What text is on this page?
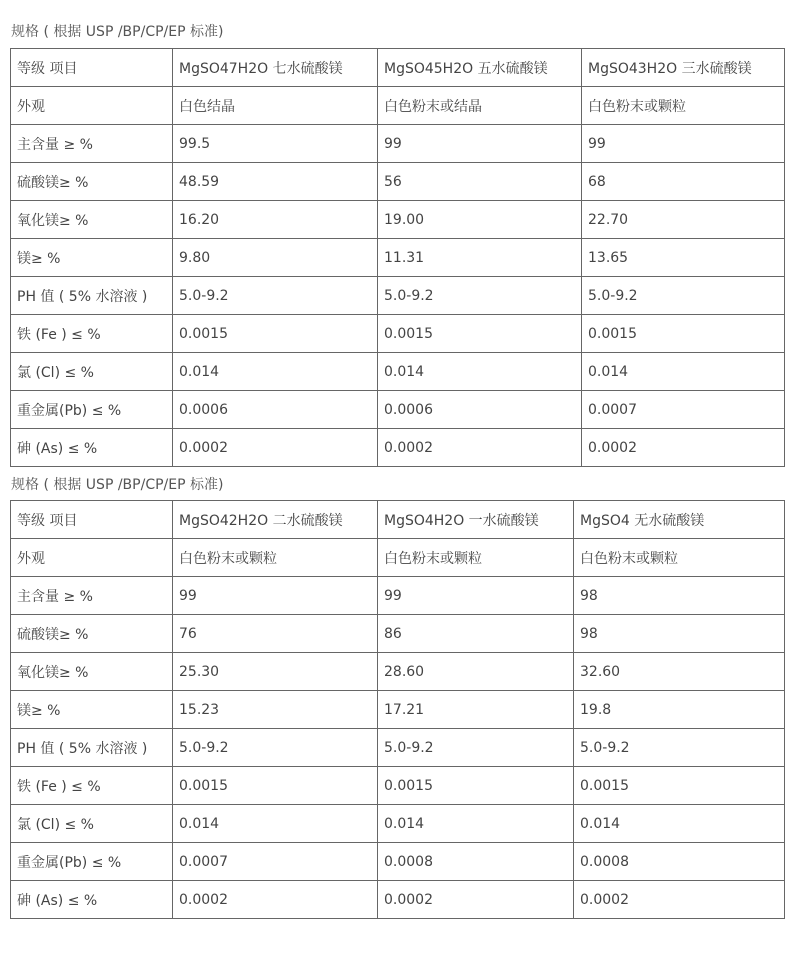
规格 ( 根据 USP /BP/CP/EP 标准)
等级 项目	MgSO47H2O 七水硫酸镁	MgSO45H2O 五水硫酸镁	MgSO43H2O 三水硫酸镁
外观	白色结晶	白色粉末或结晶	白色粉末或颗粒
主含量 ≥ %	99.5	99	99
硫酸镁≥ %	48.59	56	68
氧化镁≥ %	16.20	19.00	22.70
镁≥ %	9.80	11.31	13.65
PH 值 ( 5% 水溶液 )	5.0-9.2	5.0-9.2	5.0-9.2
铁 (Fe ) ≤ %	0.0015	0.0015	0.0015
氯 (Cl) ≤ %	0.014	0.014	0.014
重金属(Pb) ≤ %	0.0006	0.0006	0.0007
砷 (As) ≤ %	0.0002	0.0002	0.0002
规格 ( 根据 USP /BP/CP/EP 标准)
等级 项目	MgSO42H2O 二水硫酸镁	MgSO4H2O 一水硫酸镁	MgSO4 无水硫酸镁
外观	白色粉末或颗粒	白色粉末或颗粒	白色粉末或颗粒
主含量 ≥ %	99	99	98
硫酸镁≥ %	76	86	98
氧化镁≥ %	25.30	28.60	32.60
镁≥ %	15.23	17.21	19.8
PH 值 ( 5% 水溶液 )	5.0-9.2	5.0-9.2	5.0-9.2
铁 (Fe ) ≤ %	0.0015	0.0015	0.0015
氯 (Cl) ≤ %	0.014	0.014	0.014
重金属(Pb) ≤ %	0.0007	0.0008	0.0008
砷 (As) ≤ %	0.0002	0.0002	0.0002
